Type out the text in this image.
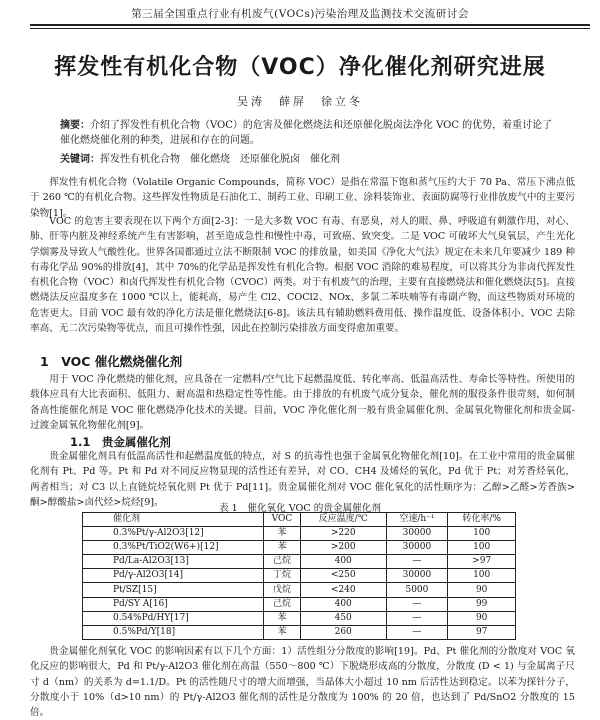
第三届全国重点行业有机废气(VOCs)污染治理及监测技术交流研讨会
挥发性有机化合物（VOC）净化催化剂研究进展
吴涛　薛屏　徐立冬
摘要：介绍了挥发性有机化合物（VOC）的危害及催化燃烧法和还原催化脱卤法净化 VOC 的优势，着重讨论了催化燃烧催化剂的种类，进展和存在的问题。
关键词：挥发性有机化合物　催化燃烧　还原催化脱卤　催化剂
挥发性有机化合物（Volatile Organic Compounds，简称 VOC）是指在常温下饱和蒸气压约大于 70 Pa、常压下沸点低于 260 ℃的有机化合物。这些挥发性物质是石油化工、制药工业、印刷工业、涂料装饰业、表面防腐等行业排放废气中的主要污染物[1]。
VOC 的危害主要表现在以下两个方面[2-3]：一是大多数 VOC 有毒、有恶臭，对人的眼、鼻、呼吸道有刺激作用，对心、肺、肝等内脏及神经系统产生有害影响，甚至造成急性和慢性中毒，可致癌、致突变。二是 VOC 可破坏大气臭氧层，产生光化学烟雾及导致人气酸性化。世界各国都通过立法不断限制 VOC 的排放量，如美国《净化大气法》规定在未来几年要减少 189 种有毒化学品 90%的排放[4]，其中 70%的化学品是挥发性有机化合物。根据 VOC 消除的难易程度，可以将其分为非卤代挥发性有机化合物（VOC）和卤代挥发性有机化合物（CVOC）两类。对于有机废气的治理，主要有直接燃烧法和催化燃烧法[5]。直接燃烧法反应温度多在 1000 ℃以上，能耗高，易产生 Cl2、COCl2、NOx、多氯二苯呋喃等有毒副产物，而这些物质对环境的危害更大。目前 VOC 最有效的净化方法是催化燃烧法[6-8]。该法具有辅助燃料费用低、操作温度低、设备体积小、VOC 去除率高、无二次污染物等优点，而且可操作性强，因此在控制污染排放方面变得愈加重要。
1　VOC 催化燃烧催化剂
用于 VOC 净化燃烧的催化剂，应具备在一定燃料/空气比下起燃温度低、转化率高、低温高活性、寿命长等特性。所使用的载体应具有大比表面积、低阻力、耐高温和热稳定性等性能。由于排放的有机废气成分复杂，催化剂的服役条件很苛刻，如何制备高性能催化剂是 VOC 催化燃烧净化技术的关键。目前，VOC 净化催化剂一般有贵金属催化剂、金属氧化物催化剂和贵金属-过渡金属氧化物催化剂[9]。
1.1　贵金属催化剂
贵金属催化剂具有低温高活性和起燃温度低的特点，对 S 的抗毒性也强于金属氧化物催化剂[10]。在工业中常用的贵金属催化剂有 Pt、Pd 等。Pt 和 Pd 对不同反应物显现的活性还有差异，对 CO、CH4 及烯烃的氧化，Pd 优于 Pt；对芳香烃氧化，两者相当；对 C3 以上直链烷烃氧化则 Pt 优于 Pd[11]。贵金属催化剂对 VOC 催化氧化的活性顺序为：乙醇>乙醛>芳香族>酮>醇酸盐>卤代烃>烷烃[9]。
表 1　催化氧化 VOC 的贵金属催化剂
催化剂	VOC	反应温度/℃	空速/h⁻¹	转化率/%
0.3%Pt/γ-Al2O3[12]	苯	>220	30000	100
0.3%Pt/TiO2(W6+)[12]	苯	>200	30000	100
Pd/La-Al2O3[13]	己烷	400	—	>97
Pd/γ-Al2O3[14]	丁烷	<250	30000	100
Pt/SZ[15]	戊烷	<240	5000	90
Pd/SY A[16]	己烷	400	—	99
0.54%Pd/HY[17]	苯	450	—	90
0.5%Pd/Y[18]	苯	260	—	97
贵金属催化剂氧化 VOC 的影响因素有以下几个方面：1）活性组分分散度的影响[19]。Pd、Pt 催化剂的分散度对 VOC 氧化反应的影响很大，Pd 和 Pt/γ-Al2O3 催化剂在高温（550～800 ℃）下脱烧形成高的分散度，分散度 (D < 1) 与金属离子尺寸 d（nm）的关系为 d=1.1/D。Pt 的活性随尺寸的增大而增强，当晶体大小超过 10 nm 后活性达到稳定。以苯为探针分子，分散度小于 10%（d>10 nm）的 Pt/γ-Al2O3 催化剂的活性是分散度为 100% 的 20 倍，也达到了 Pd/SnO2 分散度的 15 倍。
